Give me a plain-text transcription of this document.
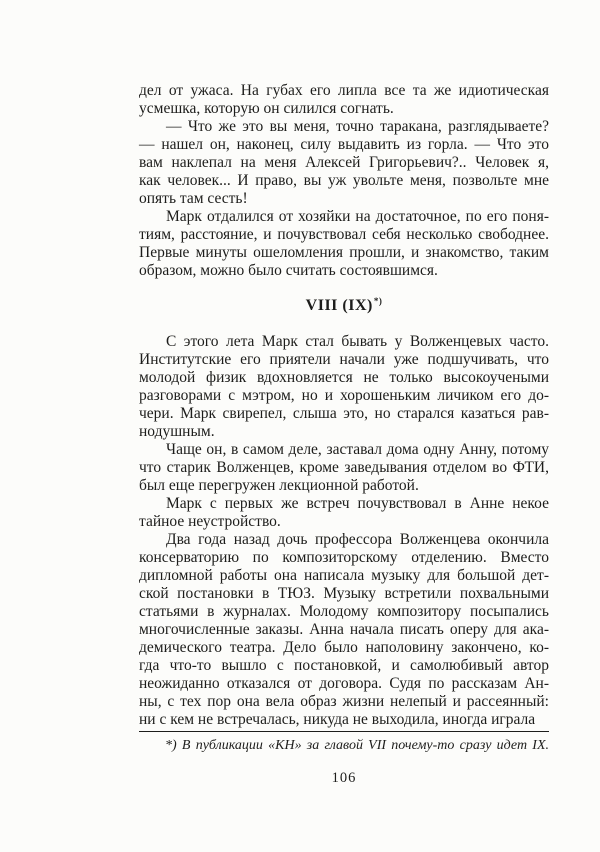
дел от ужаса. На губах его липла все та же идиотическая
усмешка, которую он силился согнать.
— Что же это вы меня, точно таракана, разглядываете?
— нашел он, наконец, силу выдавить из горла. — Что это
вам наклепал на меня Алексей Григорьевич?.. Человек я,
как человек... И право, вы уж увольте меня, позвольте мне
опять там сесть!
Марк отдалился от хозяйки на достаточное, по его поня-
тиям, расстояние, и почувствовал себя несколько свободнее.
Первые минуты ошеломления прошли, и знакомство, таким
образом, можно было считать состоявшимся.
VIII (IX)*)
С этого лета Марк стал бывать у Волженцевых часто.
Институтские его приятели начали уже подшучивать, что
молодой физик вдохновляется не только высокоучеными
разговорами с мэтром, но и хорошеньким личиком его до-
чери. Марк свирепел, слыша это, но старался казаться рав-
нодушным.
Чаще он, в самом деле, заставал дома одну Анну, потому
что старик Волженцев, кроме заведывания отделом во ФТИ,
был еще перегружен лекционной работой.
Марк с первых же встреч почувствовал в Анне некое
тайное неустройство.
Два года назад дочь профессора Волженцева окончила
консерваторию по композиторскому отделению. Вместо
дипломной работы она написала музыку для большой дет-
ской постановки в ТЮЗ. Музыку встретили похвальными
статьями в журналах. Молодому композитору посыпались
многочисленные заказы. Анна начала писать оперу для ака-
демического театра. Дело было наполовину закончено, ко-
гда что-то вышло с постановкой, и самолюбивый автор
неожиданно отказался от договора. Судя по рассказам Ан-
ны, с тех пор она вела образ жизни нелепый и рассеянный:
ни с кем не встречалась, никуда не выходила, иногда играла
*) В публикации «КН» за главой VII почему-то сразу идет IX.
106
